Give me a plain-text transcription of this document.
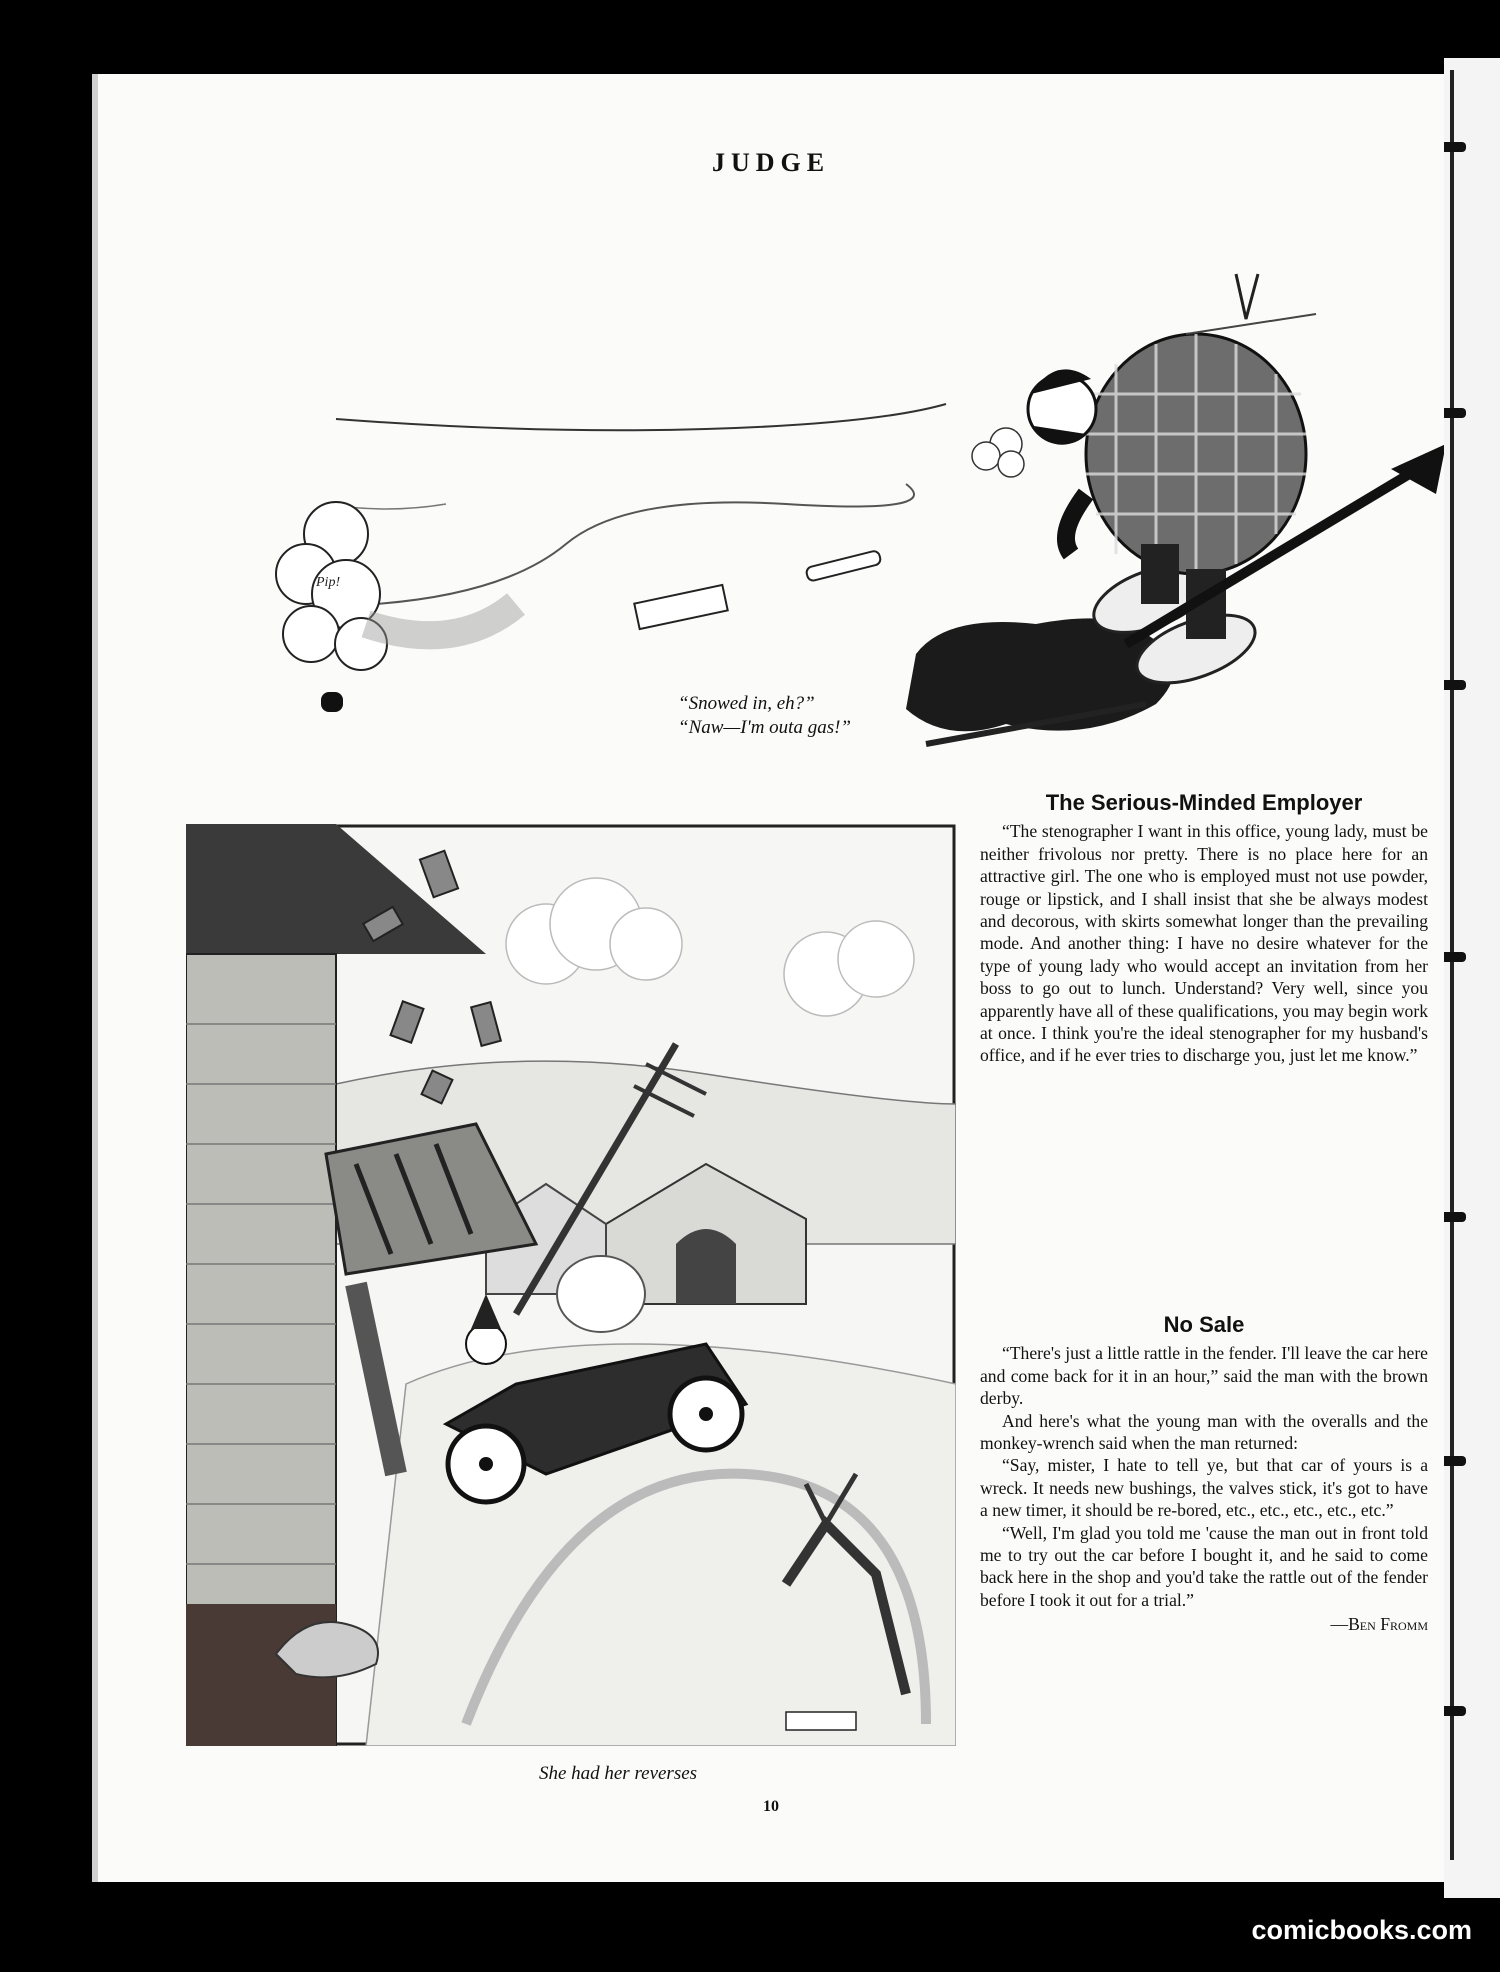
JUDGE
Pip!
“Snowed in, eh?”
“Naw—I'm outa gas!”
She had her reverses
The Serious-Minded Employer

“The stenographer I want in this office, young lady, must be neither frivolous nor pretty. There is no place here for an attractive girl. The one who is employed must not use powder, rouge or lipstick, and I shall insist that she be always modest and decorous, with skirts somewhat longer than the prevailing mode. And another thing: I have no desire whatever for the type of young lady who would accept an invitation from her boss to go out to lunch. Understand? Very well, since you apparently have all of these qualifications, you may begin work at once. I think you're the ideal stenographer for my husband's office, and if he ever tries to discharge you, just let me know.”

No Sale

“There's just a little rattle in the fender. I'll leave the car here and come back for it in an hour,” said the man with the brown derby.

And here's what the young man with the overalls and the monkey-wrench said when the man returned:

“Say, mister, I hate to tell ye, but that car of yours is a wreck. It needs new bushings, the valves stick, it's got to have a new timer, it should be re-bored, etc., etc., etc., etc., etc.”

“Well, I'm glad you told me 'cause the man out in front told me to try out the car before I bought it, and he said to come back here in the shop and you'd take the rattle out of the fender before I took it out for a trial.”

—Ben Fromm

10
comicbooks.com
